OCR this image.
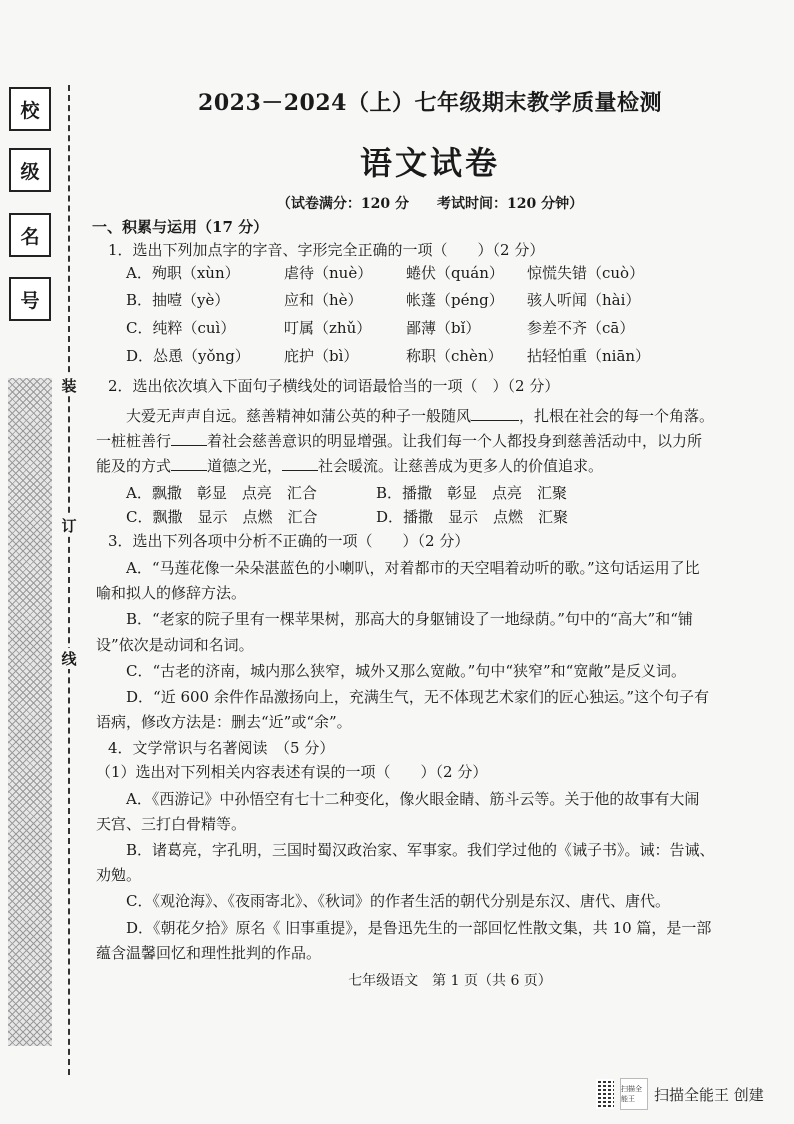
校
级
名
号
装
订
线
2023－2024（上）七年级期末教学质量检测
语文试卷
（试卷满分：120 分　　考试时间：120 分钟）
一、积累与运用（17 分）
1．选出下列加点字的字音、字形完全正确的一项（　　）（2 分）
A．殉职（xùn）	虐待（nuè） 蜷伏（quán） 惊慌失错（cuò）
B．抽噎（yè）	应和（hè）	帐蓬（péng） 骇人听闻（hài）
C．纯粹（cuì）	叮属（zhǔ） 鄙薄（bǐ）	参差不齐（cā）
D．怂恿（yǒng） 庇护（bì）	称职（chèn） 拈轻怕重（niān）
2．选出依次填入下面句子横线处的词语最恰当的一项（　）（2 分）
大爱无声声自远。慈善精神如蒲公英的种子一般随风	，扎根在社会的每一个角落。
一桩桩善行 着社会慈善意识的明显增强。让我们每一个人都投身到慈善活动中，以力所
能及的方式 道德之光， 社会暖流。让慈善成为更多人的价值追求。
A．飘撒　彰显　点亮　汇合	B．播撒　彰显　点亮　汇聚
C．飘撒　显示　点燃　汇合	D．播撒　显示　点燃　汇聚
3．选出下列各项中分析不正确的一项（　　）（2 分）
A．“马莲花像一朵朵湛蓝色的小喇叭，对着都市的天空唱着动听的歌。”这句话运用了比
喻和拟人的修辞方法。
B．“老家的院子里有一棵苹果树，那高大的身躯铺设了一地绿荫。”句中的“高大”和“铺
设”依次是动词和名词。
C．“古老的济南，城内那么狭窄，城外又那么宽敞。”句中“狭窄”和“宽敞”是反义词。
D．“近 600 余件作品激扬向上，充满生气，无不体现艺术家们的匠心独运。”这个句子有
语病，修改方法是：删去“近”或“余”。
4．文学常识与名著阅读　（5 分）
（1）选出对下列相关内容表述有误的一项（　　）（2 分）
A．《西游记》中孙悟空有七十二种变化，像火眼金睛、筋斗云等。关于他的故事有大闹
天宫、三打白骨精等。
B．诸葛亮，字孔明，三国时蜀汉政治家、军事家。我们学过他的《诫子书》。诫：告诫、
劝勉。
C．《观沧海》、《夜雨寄北》、《秋词》的作者生活的朝代分别是东汉、唐代、唐代。
D．《朝花夕拾》原名《 旧事重提》，是鲁迅先生的一部回忆性散文集，共 10 篇，是一部
蕴含温馨回忆和理性批判的作品。
七年级语文　第 1 页（共 6 页）
扫描全能王	扫描全能王 创建
